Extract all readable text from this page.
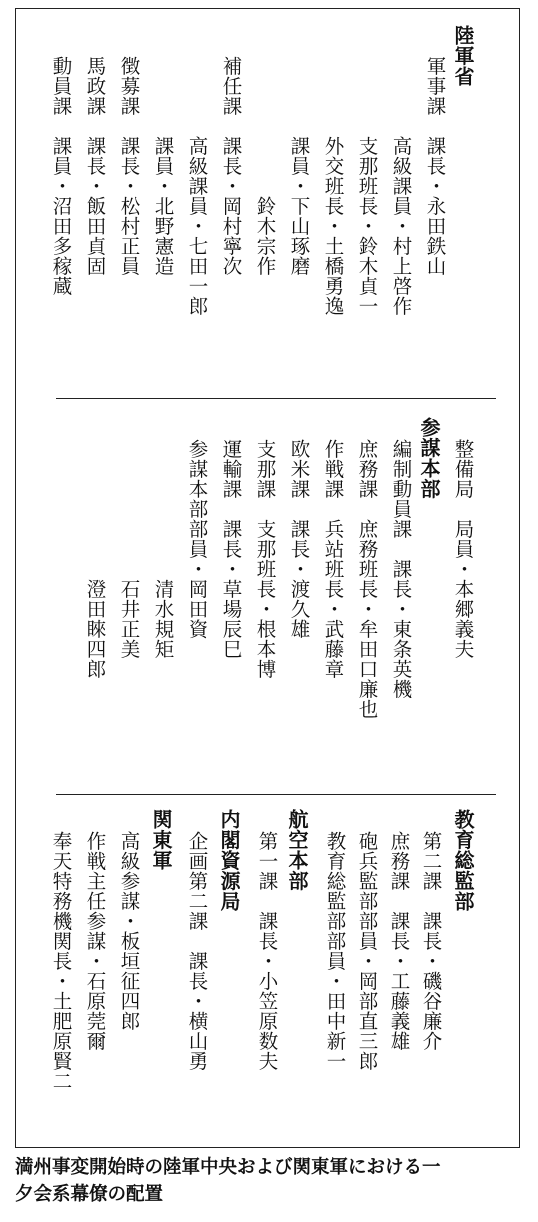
陸軍省
軍事課　課長・永田鉄山
　　　　高級課員・村上啓作
　　　　支那班長・鈴木貞一
　　　　外交班長・土橋勇逸
　　　　課員・下山琢磨
　　　　　　　鈴木宗作
補任課　課長・岡村寧次
　　　　高級課員・七田一郎
　　　　課員・北野憲造
徴募課　課長・松村正員
馬政課　課長・飯田貞固
動員課　課員・沼田多稼蔵
整備局　局員・本郷義夫
参謀本部
編制動員課　課長・東条英機
庶務課　庶務班長・牟田口廉也
作戦課　兵站班長・武藤章
欧米課　課長・渡久雄
支那課　支那班長・根本博
運輸課　課長・草場辰巳
参謀本部部員・岡田資
　　　　　　　清水規矩
　　　　　　　石井正美
　　　　　　　澄田睞四郎
教育総監部
第二課　課長・磯谷廉介
庶務課　課長・工藤義雄
砲兵監部部員・岡部直三郎
教育総監部部員・田中新一
航空本部
第一課　課長・小笠原数夫
内閣資源局
企画第二課　課長・横山勇
関東軍
高級参謀・板垣征四郎
作戦主任参謀・石原莞爾
奉天特務機関長・土肥原賢二
満州事変開始時の陸軍中央および関東軍における一
夕会系幕僚の配置
